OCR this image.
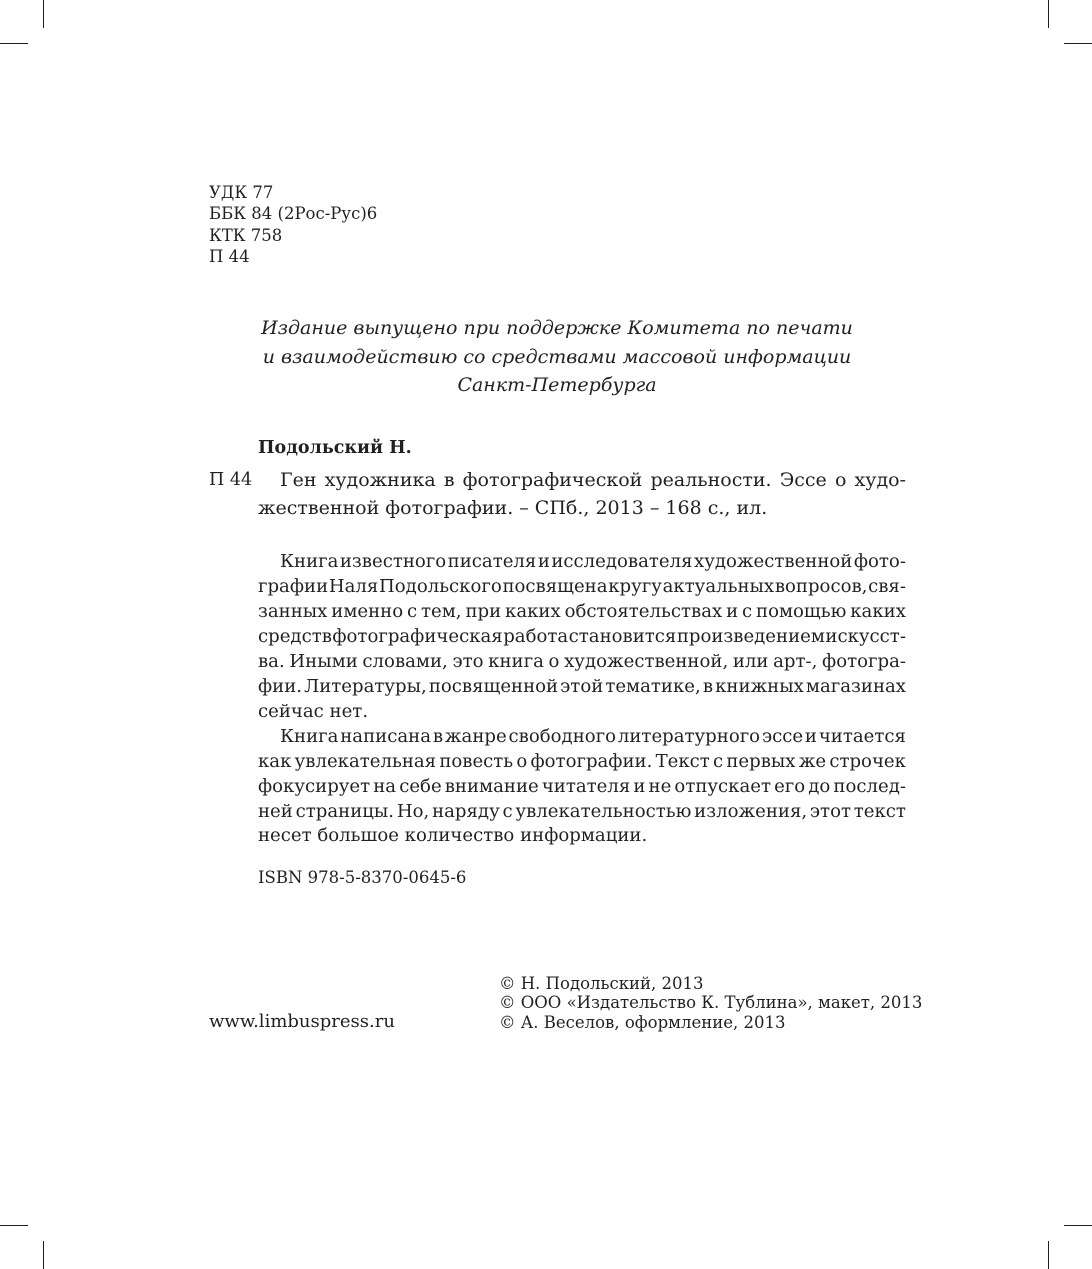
УДК 77
ББК 84 (2Рос-Рус)6
КТК 758
П 44
Издание выпущено при поддержке Комитета по печати
и взаимодействию со средствами массовой информации
Санкт-Петербурга
Подольский Н.
П 44 Ген художника в фотографической реальности. Эссе о худо-
жественной фотографии. – СПб., 2013 – 168 с., ил.
Книга известного писателя и исследователя художественной фото-
графии Наля Подольского посвящена кругу актуальных вопросов, свя-
занных именно с тем, при каких обстоятельствах и с помощью каких
средств фотографическая работа становится произведением искусст-
ва. Иными словами, это книга о художественной, или арт-, фотогра-
фии. Литературы, посвященной этой тематике, в книжных магазинах
сейчас нет.
Книга написана в жанре свободного литературного эссе и читается
как увлекательная повесть о фотографии. Текст с первых же строчек
фокусирует на себе внимание читателя и не отпускает его до послед-
ней страницы. Но, наряду с увлекательностью изложения, этот текст
несет большое количество информации.
ISBN 978-5-8370-0645-6
www.limbuspress.ru
© Н. Подольский, 2013
© ООО «Издательство К. Тублина», макет, 2013
© А. Веселов, оформление, 2013
